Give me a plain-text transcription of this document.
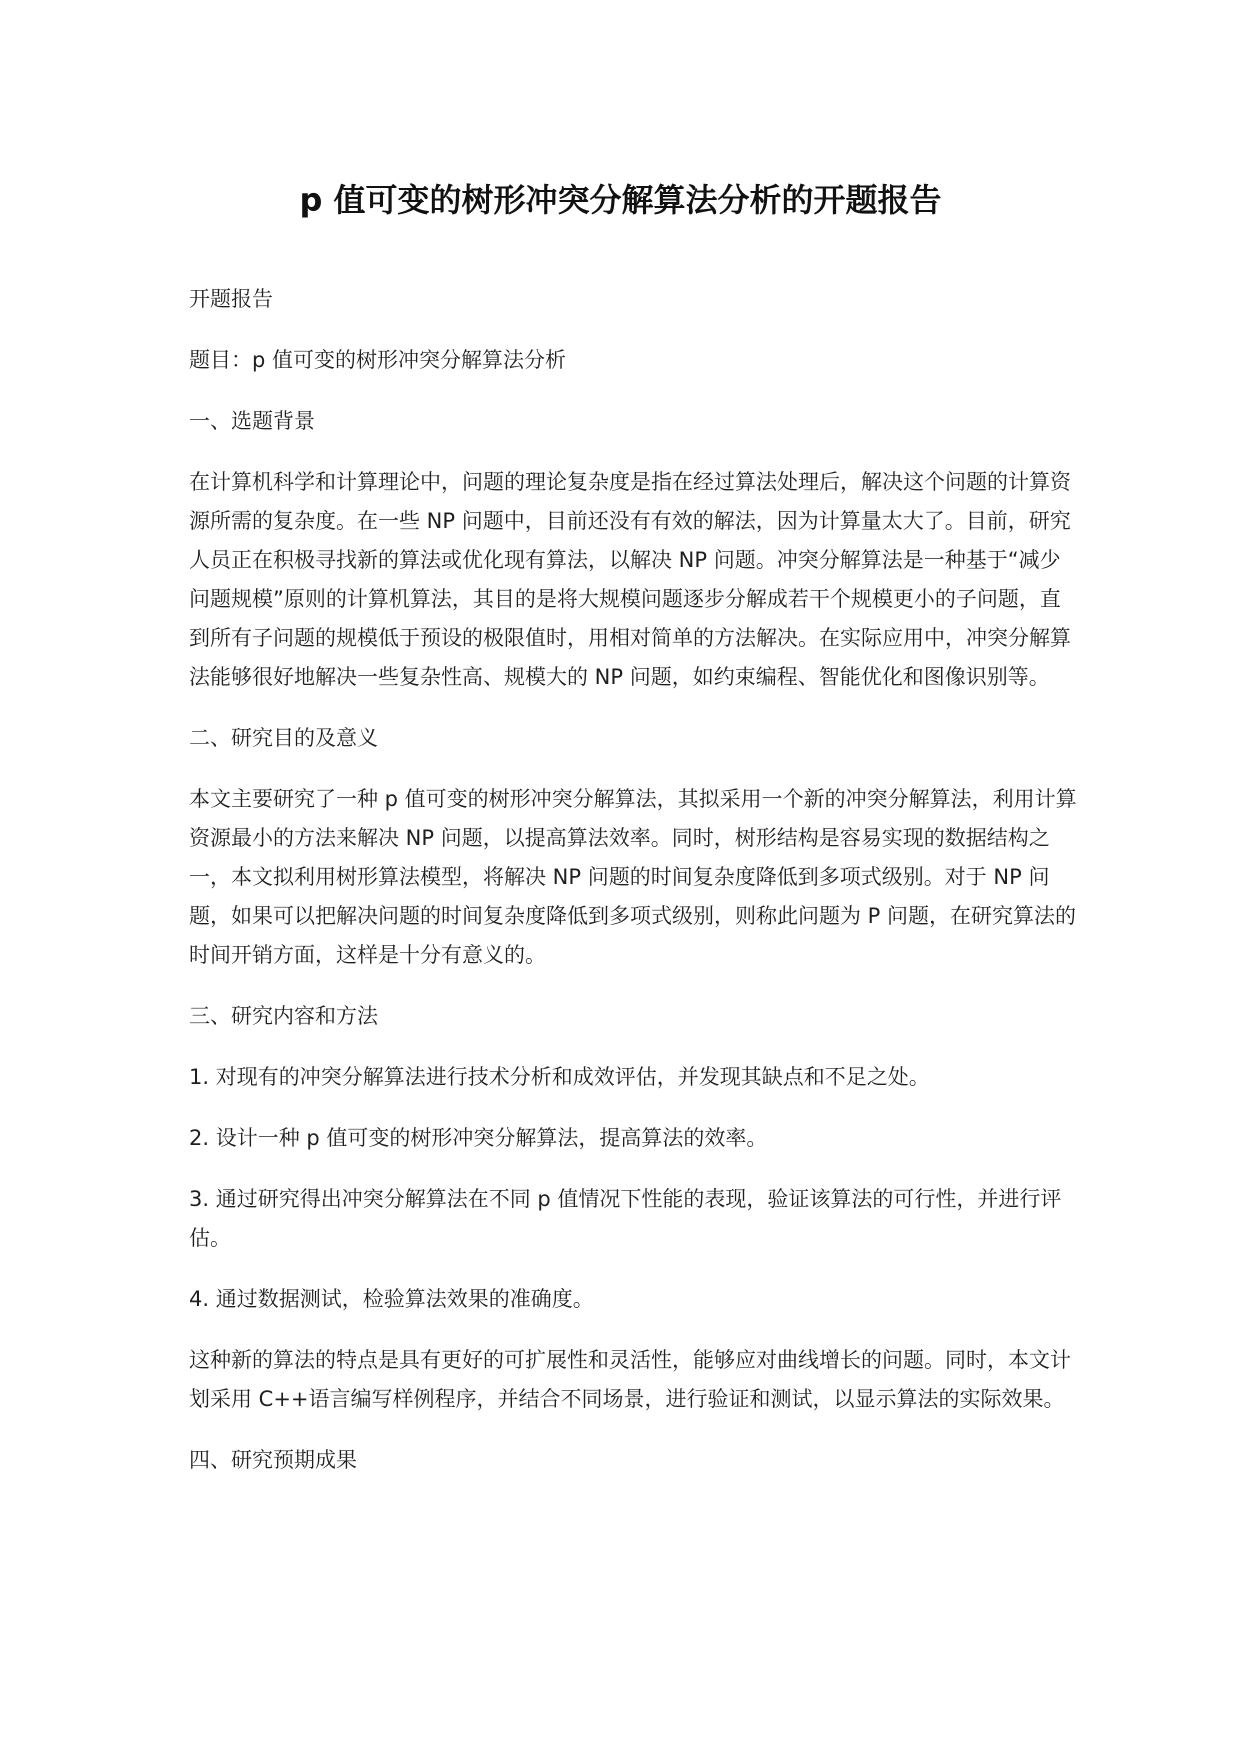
p 值可变的树形冲突分解算法分析的开题报告

开题报告

题目：p 值可变的树形冲突分解算法分析

一、选题背景

在计算机科学和计算理论中，问题的理论复杂度是指在经过算法处理后，解决这个问题的计算资源所需的复杂度。在一些 NP 问题中，目前还没有有效的解法，因为计算量太大了。目前，研究人员正在积极寻找新的算法或优化现有算法，以解决 NP 问题。冲突分解算法是一种基于“减少问题规模”原则的计算机算法，其目的是将大规模问题逐步分解成若干个规模更小的子问题，直到所有子问题的规模低于预设的极限值时，用相对简单的方法解决。在实际应用中，冲突分解算法能够很好地解决一些复杂性高、规模大的 NP 问题，如约束编程、智能优化和图像识别等。

二、研究目的及意义

本文主要研究了一种 p 值可变的树形冲突分解算法，其拟采用一个新的冲突分解算法，利用计算资源最小的方法来解决 NP 问题，以提高算法效率。同时，树形结构是容易实现的数据结构之一，本文拟利用树形算法模型，将解决 NP 问题的时间复杂度降低到多项式级别。对于 NP 问题，如果可以把解决问题的时间复杂度降低到多项式级别，则称此问题为 P 问题，在研究算法的时间开销方面，这样是十分有意义的。

三、研究内容和方法

1. 对现有的冲突分解算法进行技术分析和成效评估，并发现其缺点和不足之处。

2. 设计一种 p 值可变的树形冲突分解算法，提高算法的效率。

3. 通过研究得出冲突分解算法在不同 p 值情况下性能的表现，验证该算法的可行性，并进行评估。

4. 通过数据测试，检验算法效果的准确度。

这种新的算法的特点是具有更好的可扩展性和灵活性，能够应对曲线增长的问题。同时，本文计划采用 C++语言编写样例程序，并结合不同场景，进行验证和测试，以显示算法的实际效果。

四、研究预期成果
